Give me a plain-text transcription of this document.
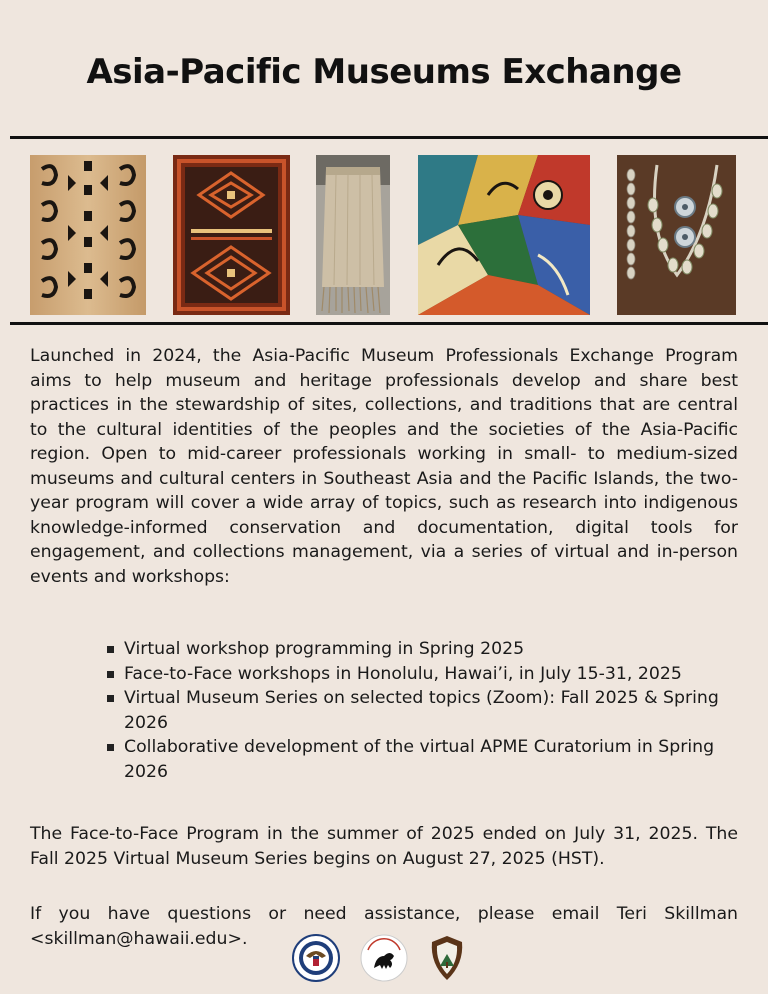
Asia-Pacific Museums Exchange

Launched in 2024, the Asia-Pacific Museum Professionals Exchange Program aims to help museum and heritage professionals develop and share best practices in the stewardship of sites, collections, and traditions that are central to the cultural identities of the peoples and the societies of the Asia-Pacific region. Open to mid-career professionals working in small- to medium-sized museums and cultural centers in Southeast Asia and the Pacific Islands, the two-year program will cover a wide array of topics, such as research into indigenous knowledge-informed conservation and documentation, digital tools for engagement, and collections management, via a series of virtual and in-person events and workshops:

Virtual workshop programming in Spring 2025
Face-to-Face workshops in Honolulu, Hawai’i, in July 15-31, 2025
Virtual Museum Series on selected topics (Zoom): Fall 2025 & Spring 2026
Collaborative development of the virtual APME Curatorium in Spring 2026

The Face-to-Face Program in the summer of 2025 ended on July 31, 2025. The Fall 2025 Virtual Museum Series begins on August 27, 2025 (HST).

If you have questions or need assistance, please email Teri Skillman <skillman@hawaii.edu>.
